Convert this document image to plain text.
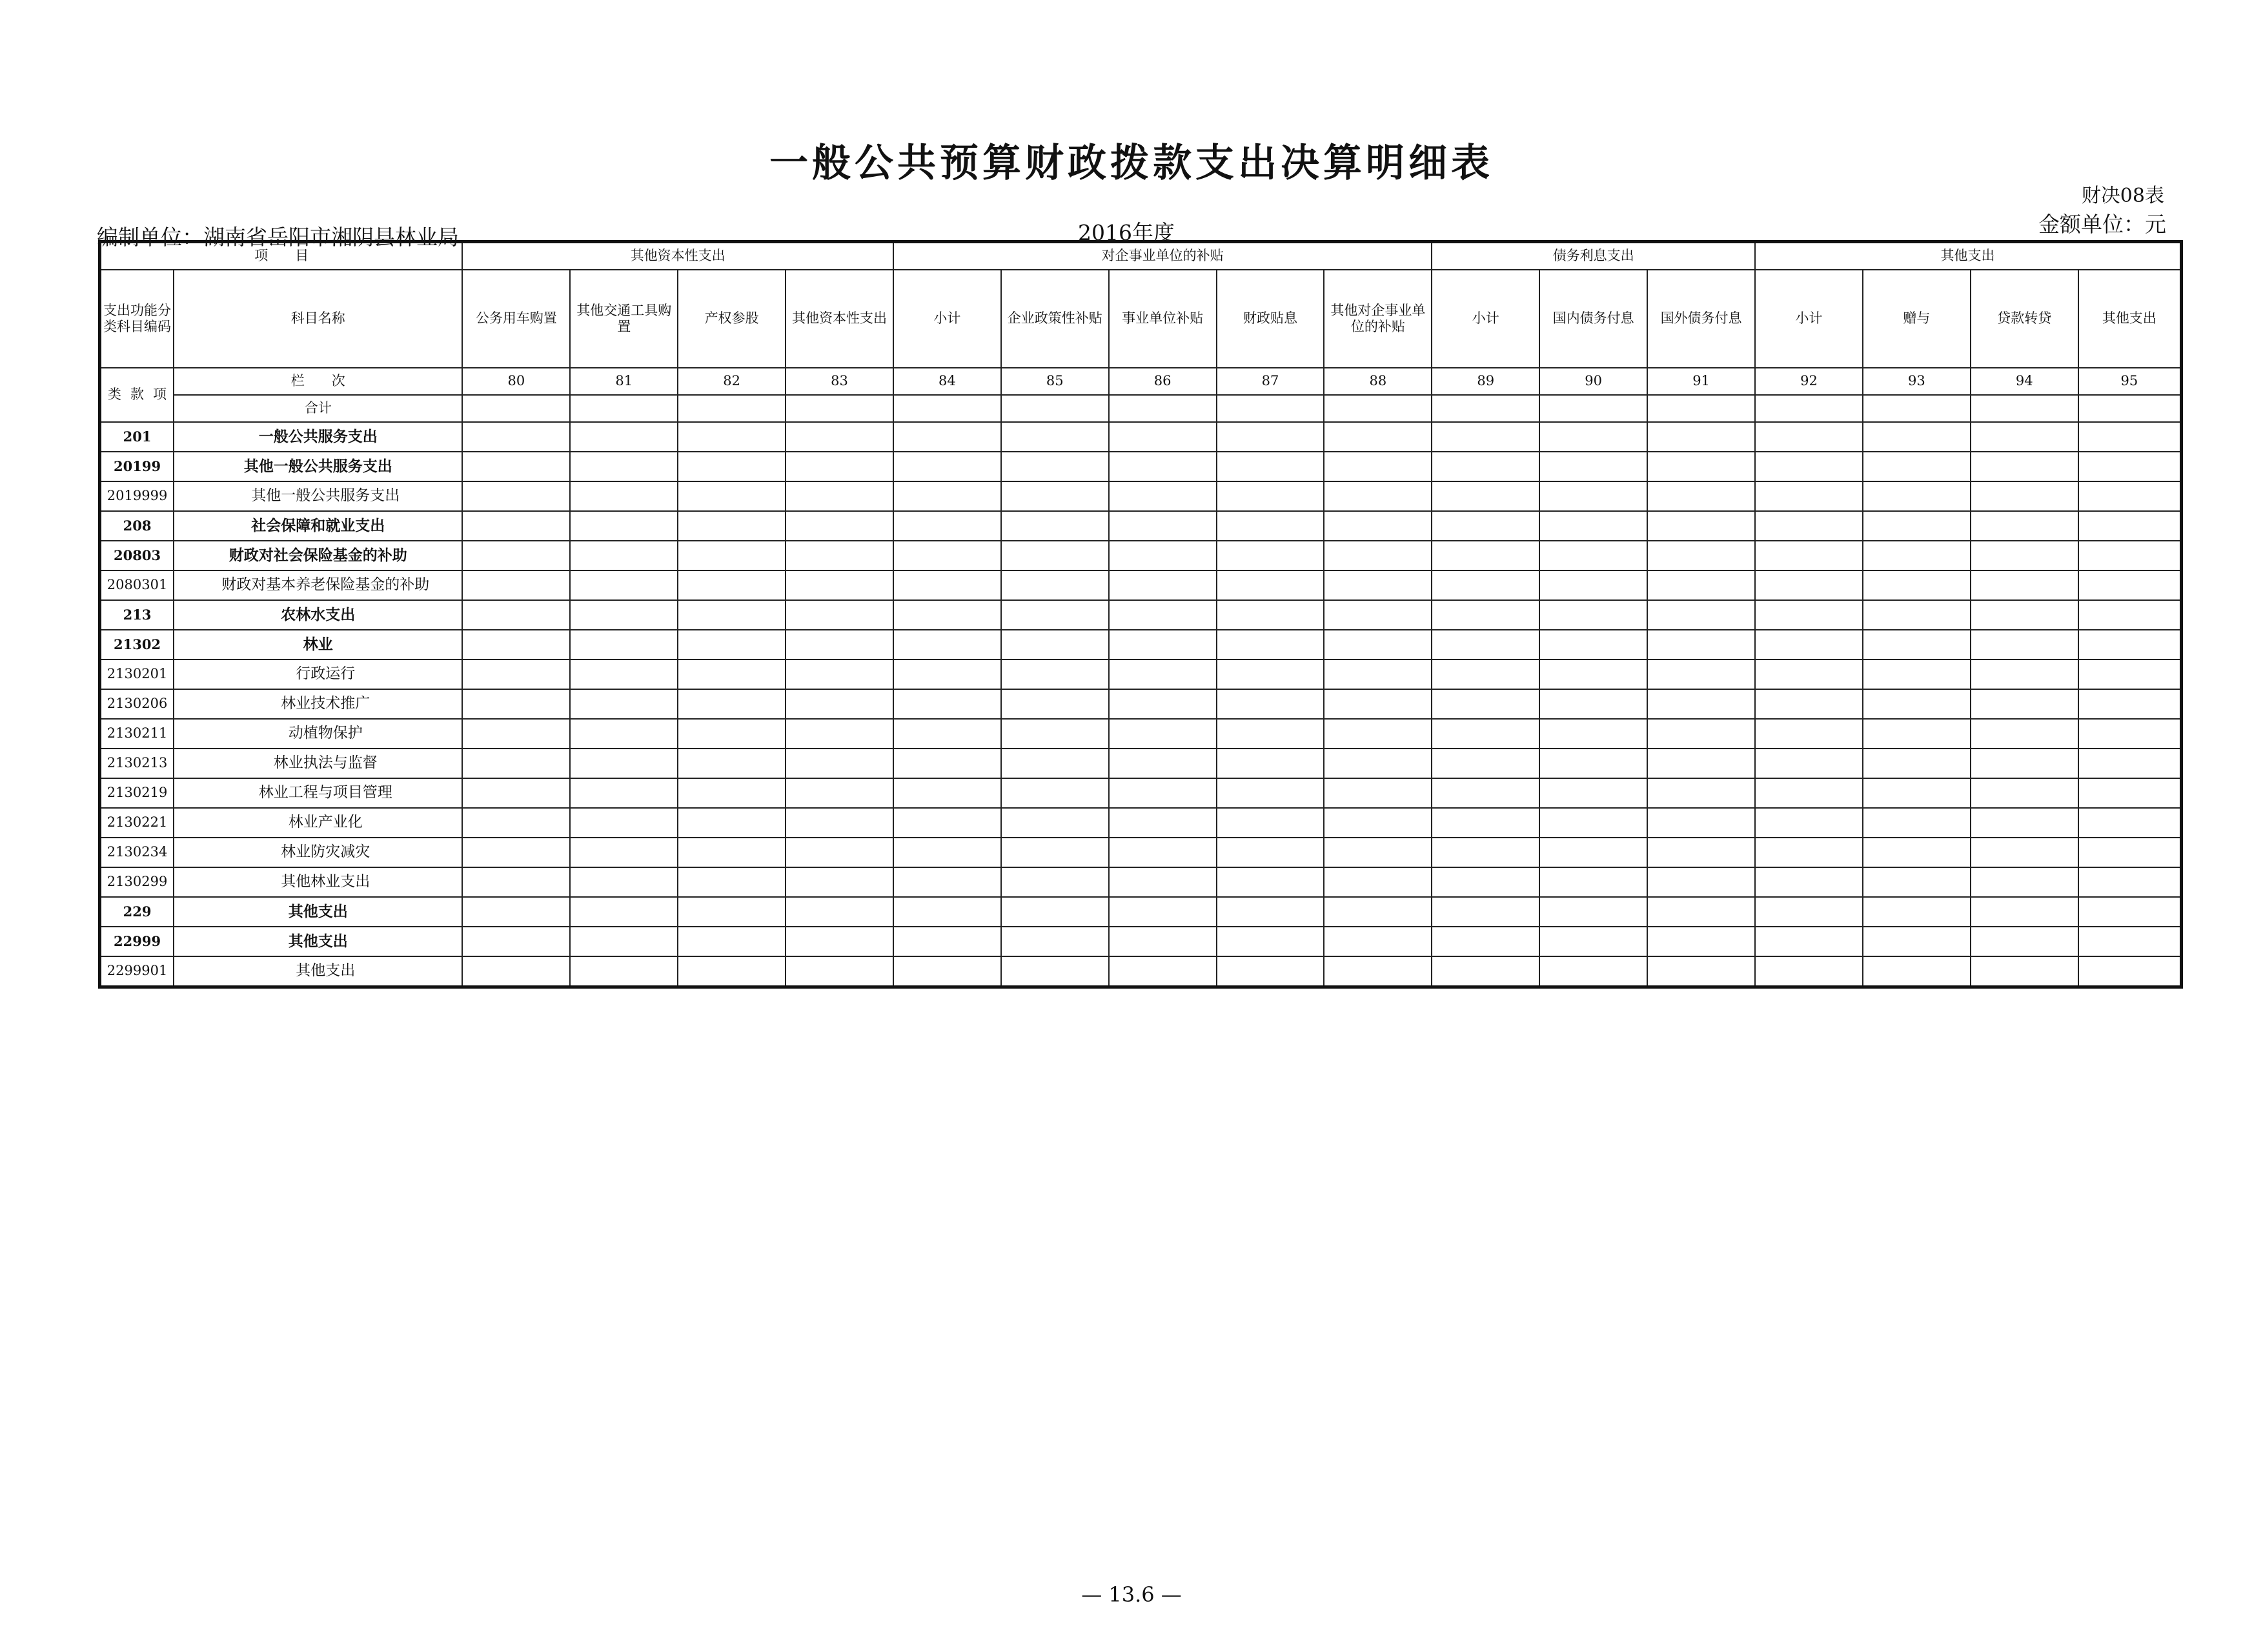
一般公共预算财政拨款支出决算明细表
财决08表
编制单位：湖南省岳阳市湘阴县林业局	2016年度	金额单位：元
项　　目		其他资本性支出				对企事业单位的补贴					债务利息支出			其他支出			
支出功能分类科目编码	科目名称	公务用车购置	其他交通工具购置	产权参股	其他资本性支出	小计	企业政策性补贴	事业单位补贴	财政贴息	其他对企事业单位的补贴	小计	国内债务付息	国外债务付息	小计	赠与	贷款转贷	其他支出

类 款 项	栏　　次	80	81	82	83	84	85	86	87	88	89	90	91	92	93	94	95
	合计																
201	一般公共服务支出																
20199	其他一般公共服务支出																
2019999	其他一般公共服务支出																
208	社会保障和就业支出																
20803	财政对社会保险基金的补助																
2080301	财政对基本养老保险基金的补助																
213	农林水支出																
21302	林业																
2130201	行政运行																
2130206	林业技术推广																
2130211	动植物保护																
2130213	林业执法与监督																
2130219	林业工程与项目管理																
2130221	林业产业化																
2130234	林业防灾减灾																
2130299	其他林业支出																
229	其他支出																
22999	其他支出																
2299901	其他支出																
— 13.6 —
